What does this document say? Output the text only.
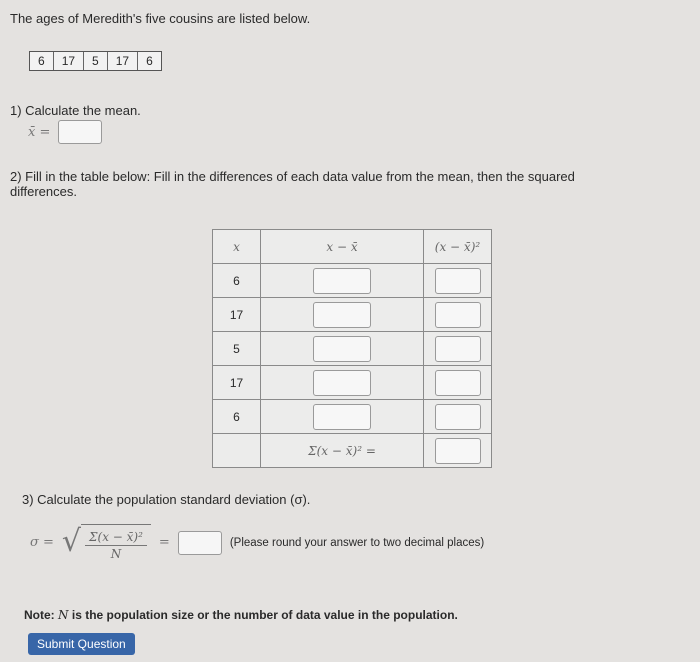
The ages of Meredith's five cousins are listed below.
6	17	5	17	6
1) Calculate the mean.
x̄ =
2) Fill in the table below: Fill in the differences of each data value from the mean, then the squared differences.
x	x − x̄	(x − x̄)²
6		
17		
5		
17		
6		

	Σ(x − x̄)² =	

3) Calculate the population standard deviation (σ).
σ = √ $\frac{\text{Σ(x − x̄)²}}{N}$ =	(Please round your answer to two decimal places)
Note: N is the population size or the number of data value in the population.
Submit Question
